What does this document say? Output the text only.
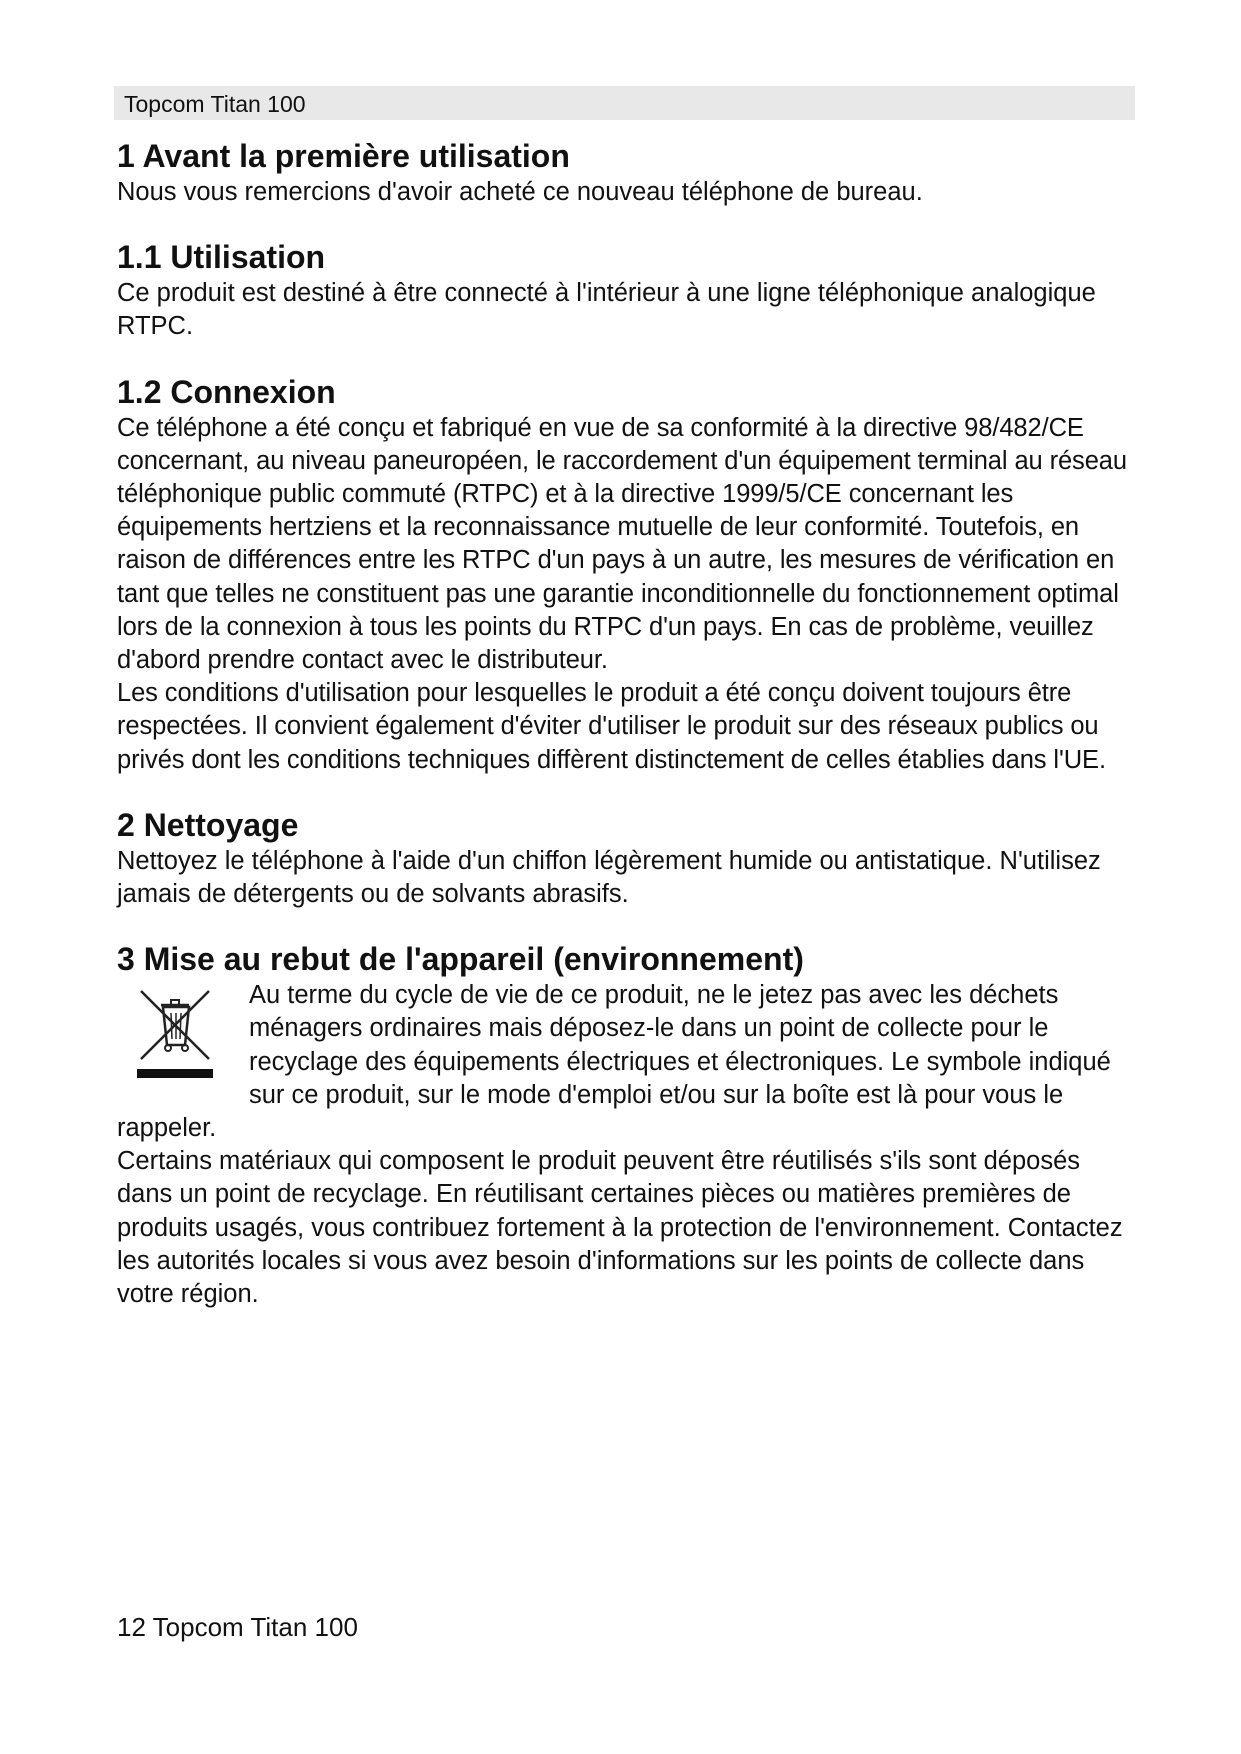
Topcom Titan 100
1 Avant la première utilisation

Nous vous remercions d'avoir acheté ce nouveau téléphone de bureau.

1.1 Utilisation

Ce produit est destiné à être connecté à l'intérieur à une ligne téléphonique analogique RTPC.

1.2 Connexion

Ce téléphone a été conçu et fabriqué en vue de sa conformité à la directive 98/482/CE concernant, au niveau paneuropéen, le raccordement d'un équipement terminal au réseau téléphonique public commuté (RTPC) et à la directive 1999/5/CE concernant les équipements hertziens et la reconnaissance mutuelle de leur conformité. Toutefois, en raison de différences entre les RTPC d'un pays à un autre, les mesures de vérification en tant que telles ne constituent pas une garantie inconditionnelle du fonctionnement optimal lors de la connexion à tous les points du RTPC d'un pays. En cas de problème, veuillez d'abord prendre contact avec le distributeur.

Les conditions d'utilisation pour lesquelles le produit a été conçu doivent toujours être respectées. Il convient également d'éviter d'utiliser le produit sur des réseaux publics ou privés dont les conditions techniques diffèrent distinctement de celles établies dans l'UE.

2 Nettoyage

Nettoyez le téléphone à l'aide d'un chiffon légèrement humide ou antistatique. N'utilisez jamais de détergents ou de solvants abrasifs.

3 Mise au rebut de l'appareil (environnement)

Au terme du cycle de vie de ce produit, ne le jetez pas avec les déchets ménagers ordinaires mais déposez-le dans un point de collecte pour le recyclage des équipements électriques et électroniques. Le symbole indiqué sur ce produit, sur le mode d'emploi et/ou sur la boîte est là pour vous le rappeler.

Certains matériaux qui composent le produit peuvent être réutilisés s'ils sont déposés dans un point de recyclage. En réutilisant certaines pièces ou matières premières de produits usagés, vous contribuez fortement à la protection de l'environnement. Contactez les autorités locales si vous avez besoin d'informations sur les points de collecte dans votre région.

12 Topcom Titan 100
